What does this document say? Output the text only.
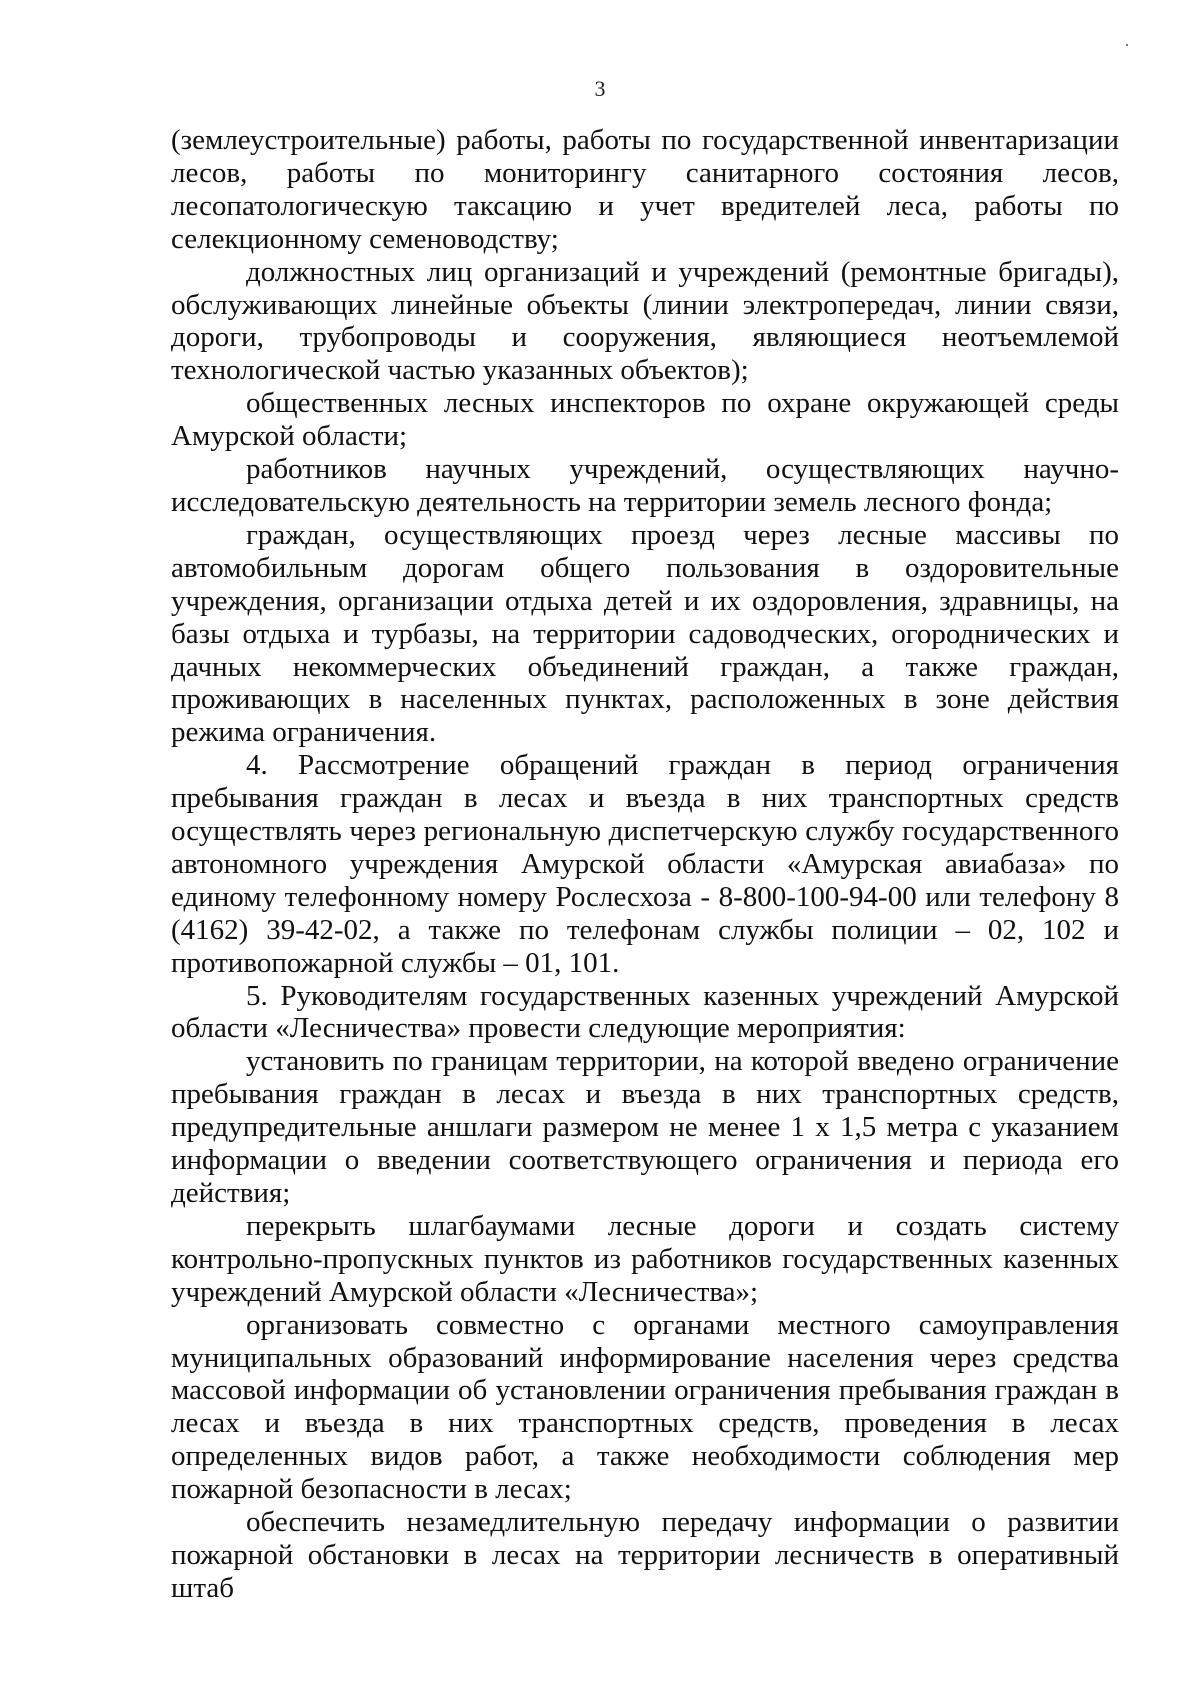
3

(землеустроительные) работы, работы по государственной инвентаризации лесов, работы по мониторингу санитарного состояния лесов, лесопатологическую таксацию и учет вредителей леса, работы по селекционному семеноводству;

должностных лиц организаций и учреждений (ремонтные бригады), обслуживающих линейные объекты (линии электропередач, линии связи, дороги, трубопроводы и сооружения, являющиеся неотъемлемой технологической частью указанных объектов);

общественных лесных инспекторов по охране окружающей среды Амурской области;

работников научных учреждений, осуществляющих научно-исследовательскую деятельность на территории земель лесного фонда;

граждан, осуществляющих проезд через лесные массивы по автомобильным дорогам общего пользования в оздоровительные учреждения, организации отдыха детей и их оздоровления, здравницы, на базы отдыха и турбазы, на территории садоводческих, огороднических и дачных некоммерческих объединений граждан, а также граждан, проживающих в населенных пунктах, расположенных в зоне действия режима ограничения.

4. Рассмотрение обращений граждан в период ограничения пребывания граждан в лесах и въезда в них транспортных средств осуществлять через региональную диспетчерскую службу государственного автономного учреждения Амурской области «Амурская авиабаза» по единому телефонному номеру Рослесхоза - 8-800-100-94-00 или телефону 8 (4162) 39-42-02, а также по телефонам службы полиции – 02, 102 и противопожарной службы – 01, 101.

5. Руководителям государственных казенных учреждений Амурской области «Лесничества» провести следующие мероприятия:

установить по границам территории, на которой введено ограничение пребывания граждан в лесах и въезда в них транспортных средств, предупредительные аншлаги размером не менее 1 х 1,5 метра с указанием информации о введении соответствующего ограничения и периода его действия;

перекрыть шлагбаумами лесные дороги и создать систему контрольно-пропускных пунктов из работников государственных казенных учреждений Амурской области «Лесничества»;

организовать совместно с органами местного самоуправления муниципальных образований информирование населения через средства массовой информации об установлении ограничения пребывания граждан в лесах и въезда в них транспортных средств, проведения в лесах определенных видов работ, а также необходимости соблюдения мер пожарной безопасности в лесах;

обеспечить незамедлительную передачу информации о развитии пожарной обстановки в лесах на территории лесничеств в оперативный штаб
